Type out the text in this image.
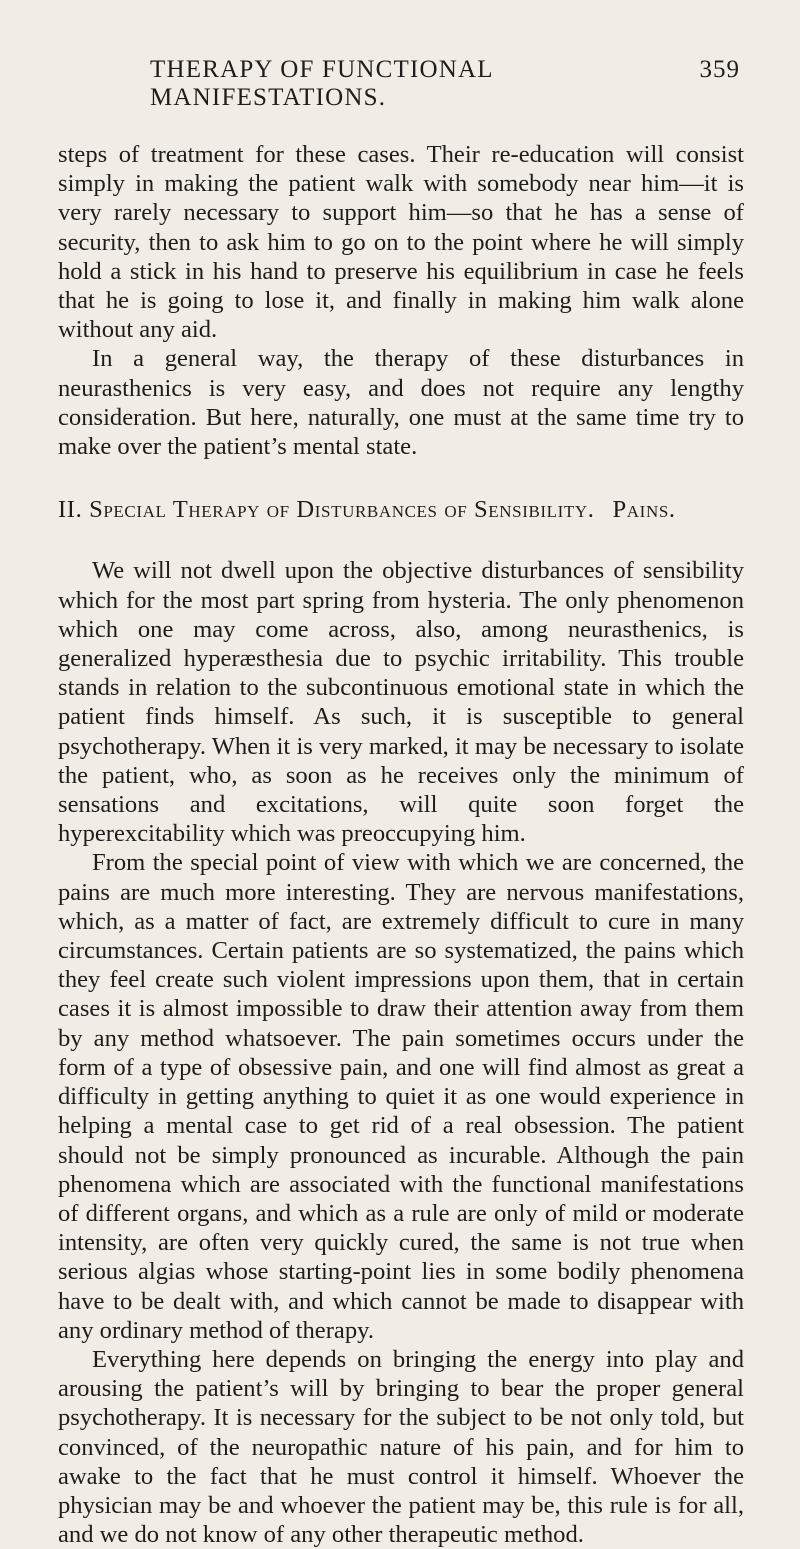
THERAPY OF FUNCTIONAL MANIFESTATIONS.
359

steps of treatment for these cases. Their re-education will consist simply in making the patient walk with somebody near him—it is very rarely necessary to support him—so that he has a sense of security, then to ask him to go on to the point where he will simply hold a stick in his hand to preserve his equilibrium in case he feels that he is going to lose it, and finally in making him walk alone without any aid.

In a general way, the therapy of these disturbances in neurasthenics is very easy, and does not require any lengthy consideration. But here, naturally, one must at the same time try to make over the patient’s mental state.

II. Special Therapy of Disturbances of Sensibility. Pains.

We will not dwell upon the objective disturbances of sensibility which for the most part spring from hysteria. The only phenomenon which one may come across, also, among neurasthenics, is generalized hyperæsthesia due to psychic irritability. This trouble stands in relation to the subcontinuous emotional state in which the patient finds himself. As such, it is susceptible to general psychotherapy. When it is very marked, it may be necessary to isolate the patient, who, as soon as he receives only the minimum of sensations and excitations, will quite soon forget the hyperexcitability which was preoccupying him.

From the special point of view with which we are concerned, the pains are much more interesting. They are nervous manifestations, which, as a matter of fact, are extremely difficult to cure in many circumstances. Certain patients are so systematized, the pains which they feel create such violent impressions upon them, that in certain cases it is almost impossible to draw their attention away from them by any method whatsoever. The pain sometimes occurs under the form of a type of obsessive pain, and one will find almost as great a difficulty in getting anything to quiet it as one would experience in helping a mental case to get rid of a real obsession. The patient should not be simply pronounced as incurable. Although the pain phenomena which are associated with the functional manifestations of different organs, and which as a rule are only of mild or moderate intensity, are often very quickly cured, the same is not true when serious algias whose starting-point lies in some bodily phenomena have to be dealt with, and which cannot be made to disappear with any ordinary method of therapy.

Everything here depends on bringing the energy into play and arousing the patient’s will by bringing to bear the proper general psychotherapy. It is necessary for the subject to be not only told, but convinced, of the neuropathic nature of his pain, and for him to awake to the fact that he must control it himself. Whoever the physician may be and whoever the patient may be, this rule is for all, and we do not know of any other therapeutic method.
